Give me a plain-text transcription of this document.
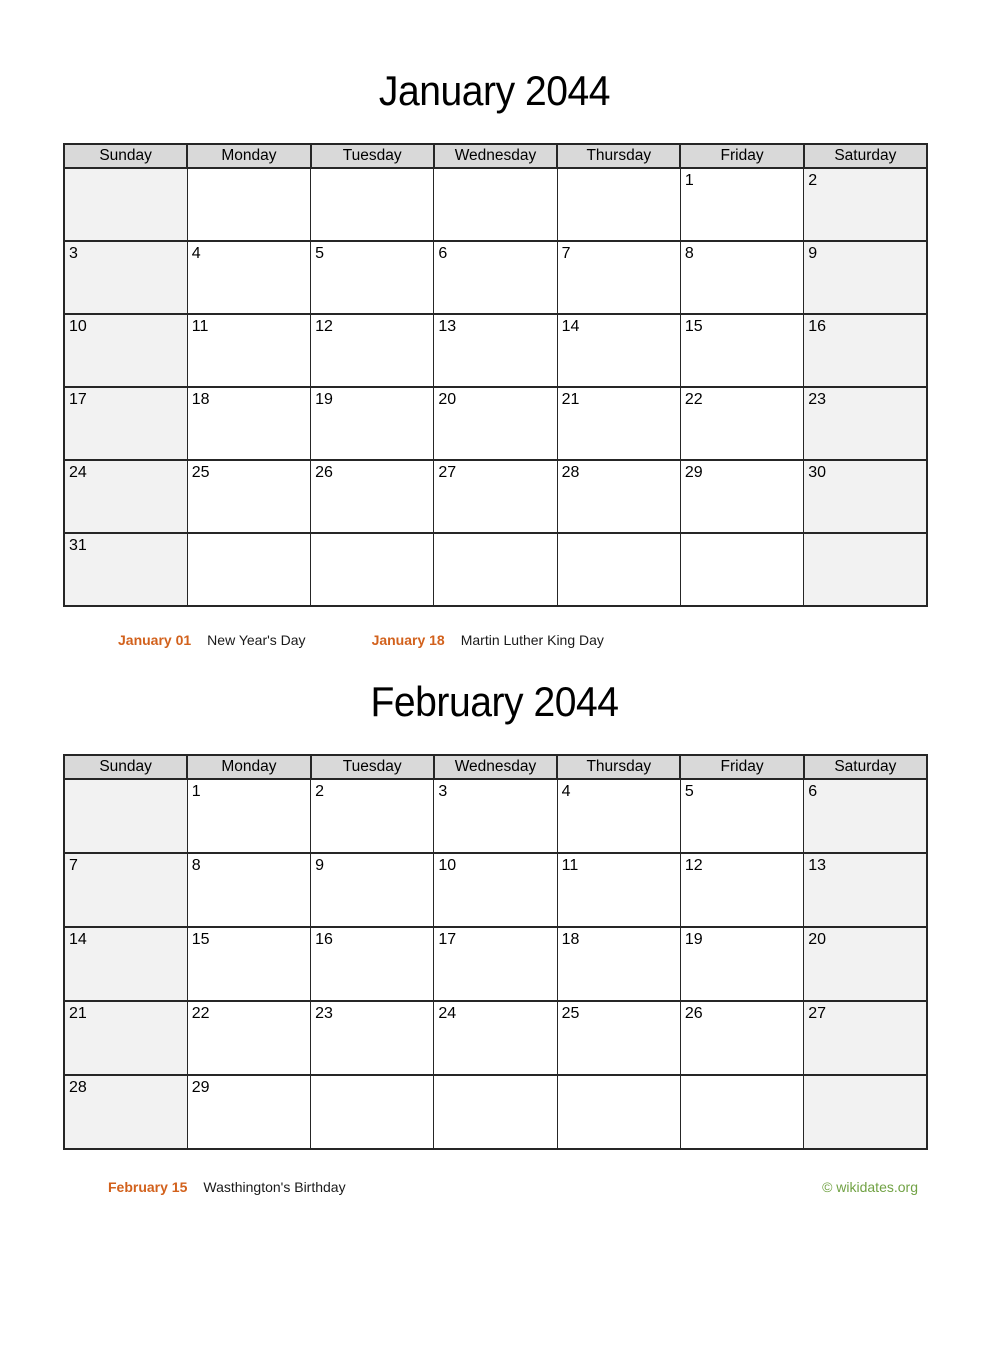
January 2044
Sunday	Monday	Tuesday	Wednesday	Thursday	Friday	Saturday
					1	2
3	4	5	6	7	8	9
10	11	12	13	14	15	16
17	18	19	20	21	22	23
24	25	26	27	28	29	30
31						
January 01 New Year's Day	January 18 Martin Luther King Day
February 2044
Sunday	Monday	Tuesday	Wednesday	Thursday	Friday	Saturday
	1	2	3	4	5	6
7	8	9	10	11	12	13
14	15	16	17	18	19	20
21	22	23	24	25	26	27
28	29					
February 15 Wasthington's Birthday	© wikidates.org
